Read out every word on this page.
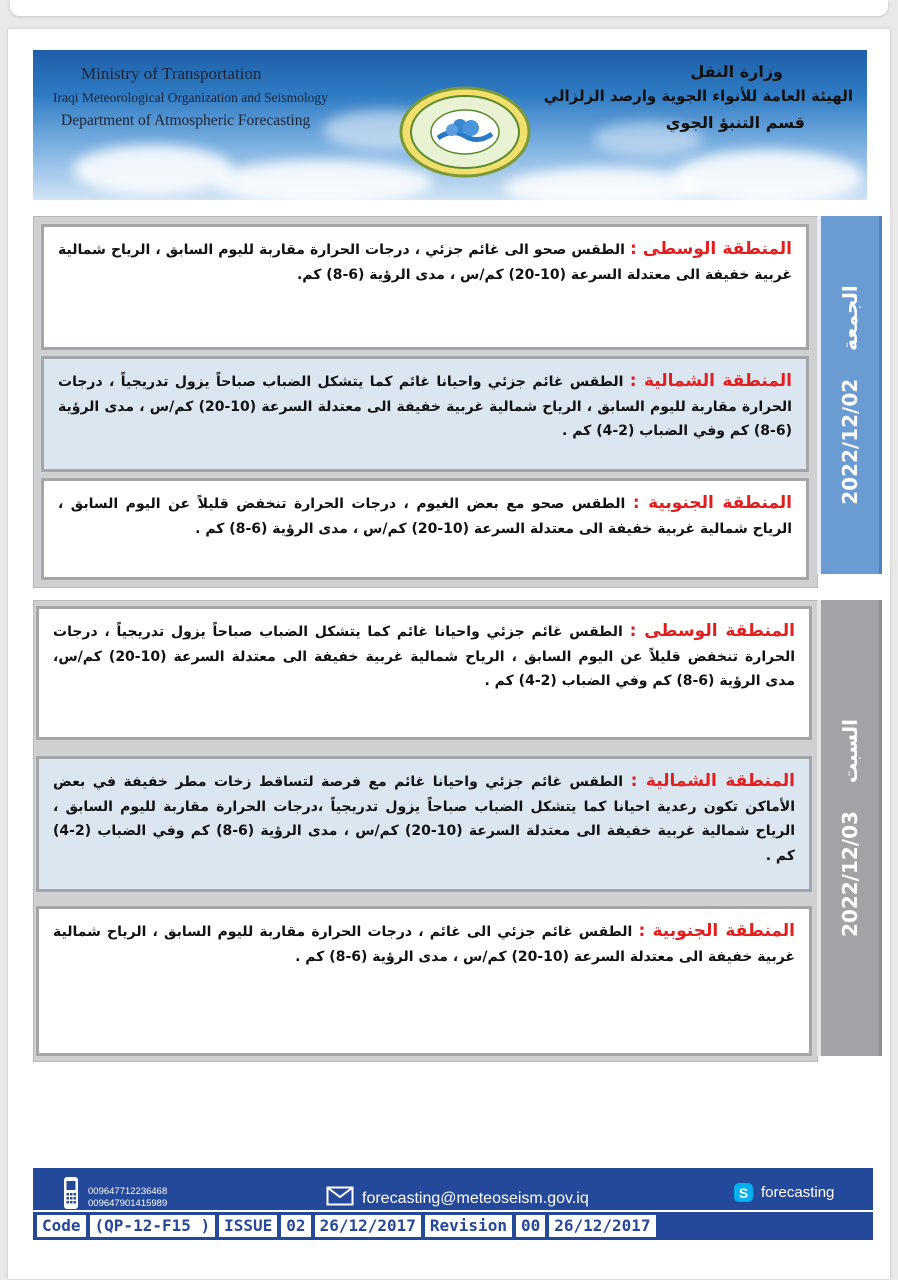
Ministry of Transportation
Iraqi Meteorological Organization and Seismology
Department of Atmospheric Forecasting
وزارة النقل
الهيئة العامة للأنواء الجوية وارصد الزلزالي
قسم التنبؤ الجوي
2022/12/02
الجمعة
المنطقة الوسطى : الطقس صحو الى غائم جزئي ، درجات الحرارة مقاربة لليوم السابق ، الرياح شمالية غربية خفيفة الى معتدلة السرعة (10-20) كم/س ، مدى الرؤية (6-8) كم.
المنطقة الشمالية : الطقس غائم جزئي واحيانا غائم كما يتشكل الضباب صباحاً يزول تدريجياً ، درجات الحرارة مقاربة لليوم السابق ، الرياح شمالية غربية خفيفة الى معتدلة السرعة (10-20) كم/س ، مدى الرؤية (6-8) كم وفي الضباب (2-4) كم .
المنطقة الجنوبية : الطقس صحو مع بعض الغيوم ، درجات الحرارة تنخفض قليلاً عن اليوم السابق ، الرياح شمالية غربية خفيفة الى معتدلة السرعة (10-20) كم/س ، مدى الرؤية (6-8) كم .
2022/12/03
السبت
المنطقة الوسطى : الطقس غائم جزئي واحيانا غائم كما يتشكل الضباب صباحاً يزول تدريجياً ، درجات الحرارة تنخفض قليلاً عن اليوم السابق ، الرياح شمالية غربية خفيفة الى معتدلة السرعة (10-20) كم/س، مدى الرؤية (6-8) كم وفي الضباب (2-4) كم .
المنطقة الشمالية : الطقس غائم جزئي واحيانا غائم مع فرصة لتساقط زخات مطر خفيفة في بعض الأماكن تكون رعدية احيانا كما يتشكل الضباب صباحاً يزول تدريجياً ،درجات الحرارة مقاربة لليوم السابق ، الرياح شمالية غربية خفيفة الى معتدلة السرعة (10-20) كم/س ، مدى الرؤية (6-8) كم وفي الضباب (2-4) كم .
المنطقة الجنوبية : الطقس غائم جزئي الى غائم ، درجات الحرارة مقاربة لليوم السابق ، الرياح شمالية غربية خفيفة الى معتدلة السرعة (10-20) كم/س ، مدى الرؤية (6-8) كم .
009647712236468
009647901415989	forecasting@meteoseism.gov.iq	S forecasting
Code (QP-12-F15 ) ISSUE 02 26/12/2017 Revision 00 26/12/2017
